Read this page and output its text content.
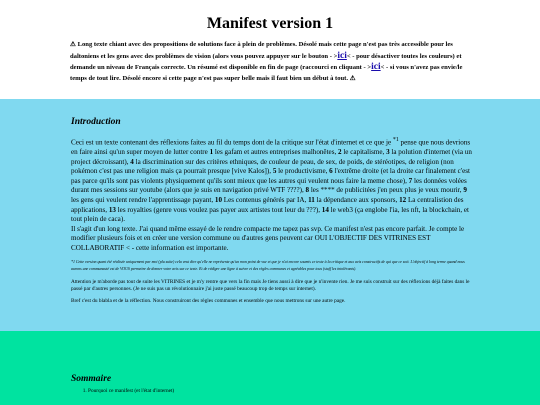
Manifest version 1

⚠ Long texte chiant avec des propositions de solutions face à plein de problèmes. Désolé mais cette page n'est pas très accessible pour les daltoniens et les gens avec des problèmes de vision (alors vous pouvez appuyer sur le bouton - >ici< - pour désactiver toutes les couleurs) et demande un niveau de Français correcte. Un résumé est disponible en fin de page (raccourci en cliquant - >ici< - si vous n'avez pas envie/le temps de tout lire. Désolé encore si cette page n'est pas super belle mais il faut bien un début à tout. ⚠

Introduction

Ceci est un texte contenant des réflexions faites au fil du temps dont de la critique sur l'état d'internet et ce que je $^{*1}$ pense que nous devrions en faire ainsi qu'un super moyen de lutter contre 1 les gafam et autres entreprises malhonêtes, 2 le capitalisme, 3 la polution d'internet (via un project décroissant), 4 la discrimination sur des critères ethniques, de couleur de peau, de sex, de poids, de stéréotipes, de religion (non pokémon c'est pas une religion mais ça pourrait presque [vive Kalos]), 5 le productivisme, 6 l'extrême droite (et la droite car finalement c'est pas parce qu'ils sont pas violents physiquement qu'ils sont mieux que les autres qui veulent nous faire la meme chose), 7 les données volées durant mes sessions sur youtube (alors que je suis en navigation privé WTF ????), 8 les **** de publicitées j'en peux plus je veux mourir, 9 les gens qui veulent rendre l'apprentissage payant, 10 Les contenus générés par IA, 11 la dépendance aux sponsors, 12 La centralistion des applications, 13 les royalties (genre vous voulez pas payer aux artistes tout leur du ???), 14 le web3 (ça englobe l'ia, les nft, la blockchain, et tout plein de caca).
Il s'agit d'un long texte. J'ai quand même essayé de le rendre compacte me tapez pas svp. Ce manifest n'est pas encore parfait. Je compte le modifier plusieurs fois et en créer une version commune ou d'autres gens peuvent car OUI L'OBJECTIF DES VITRINES EST COLLABORATIF < - cette information est importante.

*1 Cette version quant été réalisée uniquement par moi (plu suite) cela veut dire qu'elle ne représente qu'un mon point de vue et que je n'ai encore soumis ce texte à la critique et aux avis constructifs de qui que ce soit. L'objectif à long terme quand nous aurons une communauté est de VOUS permettre de donner votre avis sur ce texte. Et de rédiger une ligne à suivre et des règles communes et agréables pour tous (stuff les intolérants).

Attention je m'aborde pas tout de suite les VITRINES et je m'y rentre que vers la fin mais Je tiens aussi à dire que je n'invente rien. Je me suis construit sur des réflexions déjà faites dans le passé par d'autres personnes. (Je ne suis pas un révolutionnaire j'ai juste passé beaucoup trop de temps sur internet).

Bref c'est du blabla et de la réflection. Nous construiront des règles communes et ensemble que nous mettrons sur une autre page.

Sommaire
1. Pourquoi ce manifest (et l'état d'internet)
